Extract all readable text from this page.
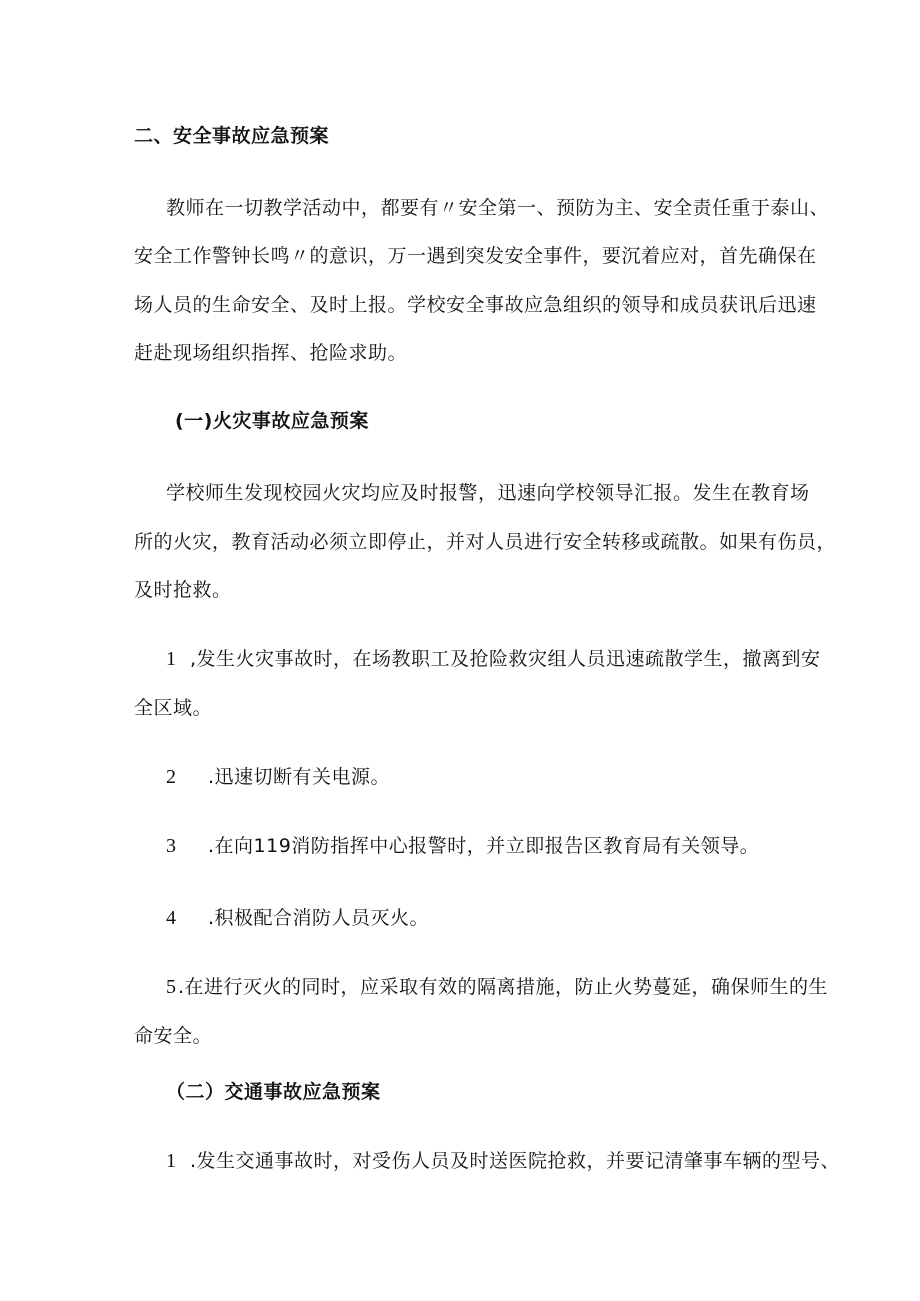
二、安全事故应急预案
教师在一切教学活动中，都要有〃安全第一、预防为主、安全责任重于泰山、
安全工作警钟长鸣〃的意识，万一遇到突发安全事件，要沉着应对，首先确保在
场人员的生命安全、及时上报。学校安全事故应急组织的领导和成员获讯后迅速
赶赴现场组织指挥、抢险求助。
(一)火灾事故应急预案
学校师生发现校园火灾均应及时报警，迅速向学校领导汇报。发生在教育场
所的火灾，教育活动必须立即停止，并对人员进行安全转移或疏散。如果有伤员，
及时抢救。
1 ,发生火灾事故时，在场教职工及抢险救灾组人员迅速疏散学生，撤离到安
全区域。
2 .迅速切断有关电源。
3 .在向119消防指挥中心报警时，并立即报告区教育局有关领导。
4 .积极配合消防人员灭火。
5 .在进行灭火的同时，应采取有效的隔离措施，防止火势蔓延，确保师生的生
命安全。
（二）交通事故应急预案
1 .发生交通事故时，对受伤人员及时送医院抢救，并要记清肇事车辆的型号、
